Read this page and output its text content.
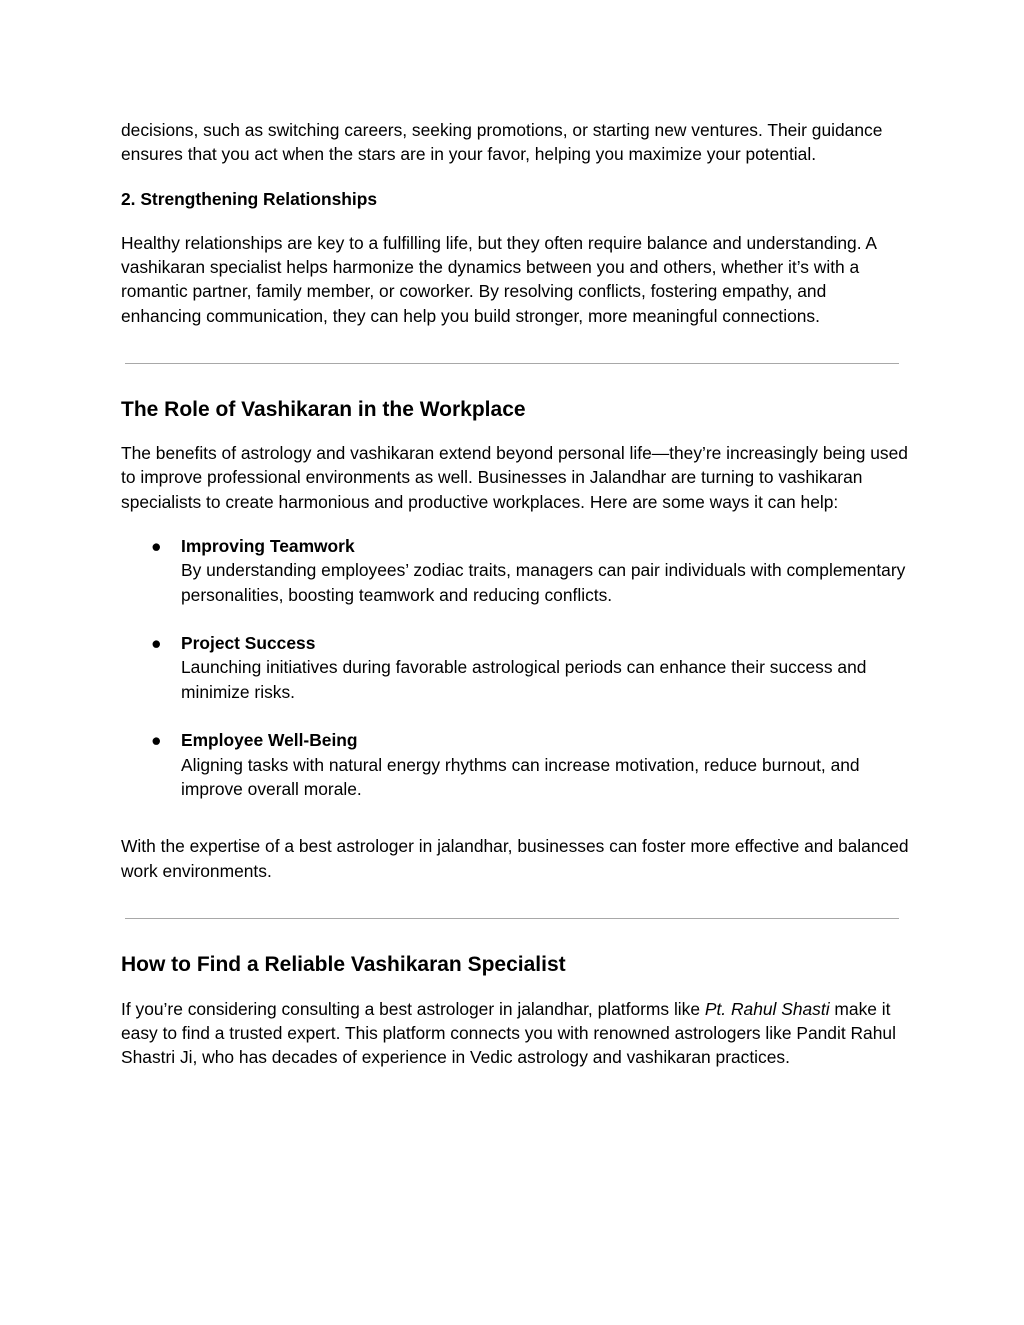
decisions, such as switching careers, seeking promotions, or starting new ventures. Their guidance ensures that you act when the stars are in your favor, helping you maximize your potential.

2. Strengthening Relationships

Healthy relationships are key to a fulfilling life, but they often require balance and understanding. A vashikaran specialist helps harmonize the dynamics between you and others, whether it’s with a romantic partner, family member, or coworker. By resolving conflicts, fostering empathy, and enhancing communication, they can help you build stronger, more meaningful connections.

The Role of Vashikaran in the Workplace

The benefits of astrology and vashikaran extend beyond personal life—they’re increasingly being used to improve professional environments as well. Businesses in Jalandhar are turning to vashikaran specialists to create harmonious and productive workplaces. Here are some ways it can help:

● Improving Teamwork
By understanding employees’ zodiac traits, managers can pair individuals with complementary personalities, boosting teamwork and reducing conflicts.
● Project Success
Launching initiatives during favorable astrological periods can enhance their success and minimize risks.
● Employee Well-Being
Aligning tasks with natural energy rhythms can increase motivation, reduce burnout, and improve overall morale.

With the expertise of a best astrologer in jalandhar, businesses can foster more effective and balanced work environments.

How to Find a Reliable Vashikaran Specialist

If you’re considering consulting a best astrologer in jalandhar, platforms like Pt. Rahul Shasti make it easy to find a trusted expert. This platform connects you with renowned astrologers like Pandit Rahul Shastri Ji, who has decades of experience in Vedic astrology and vashikaran practices.
